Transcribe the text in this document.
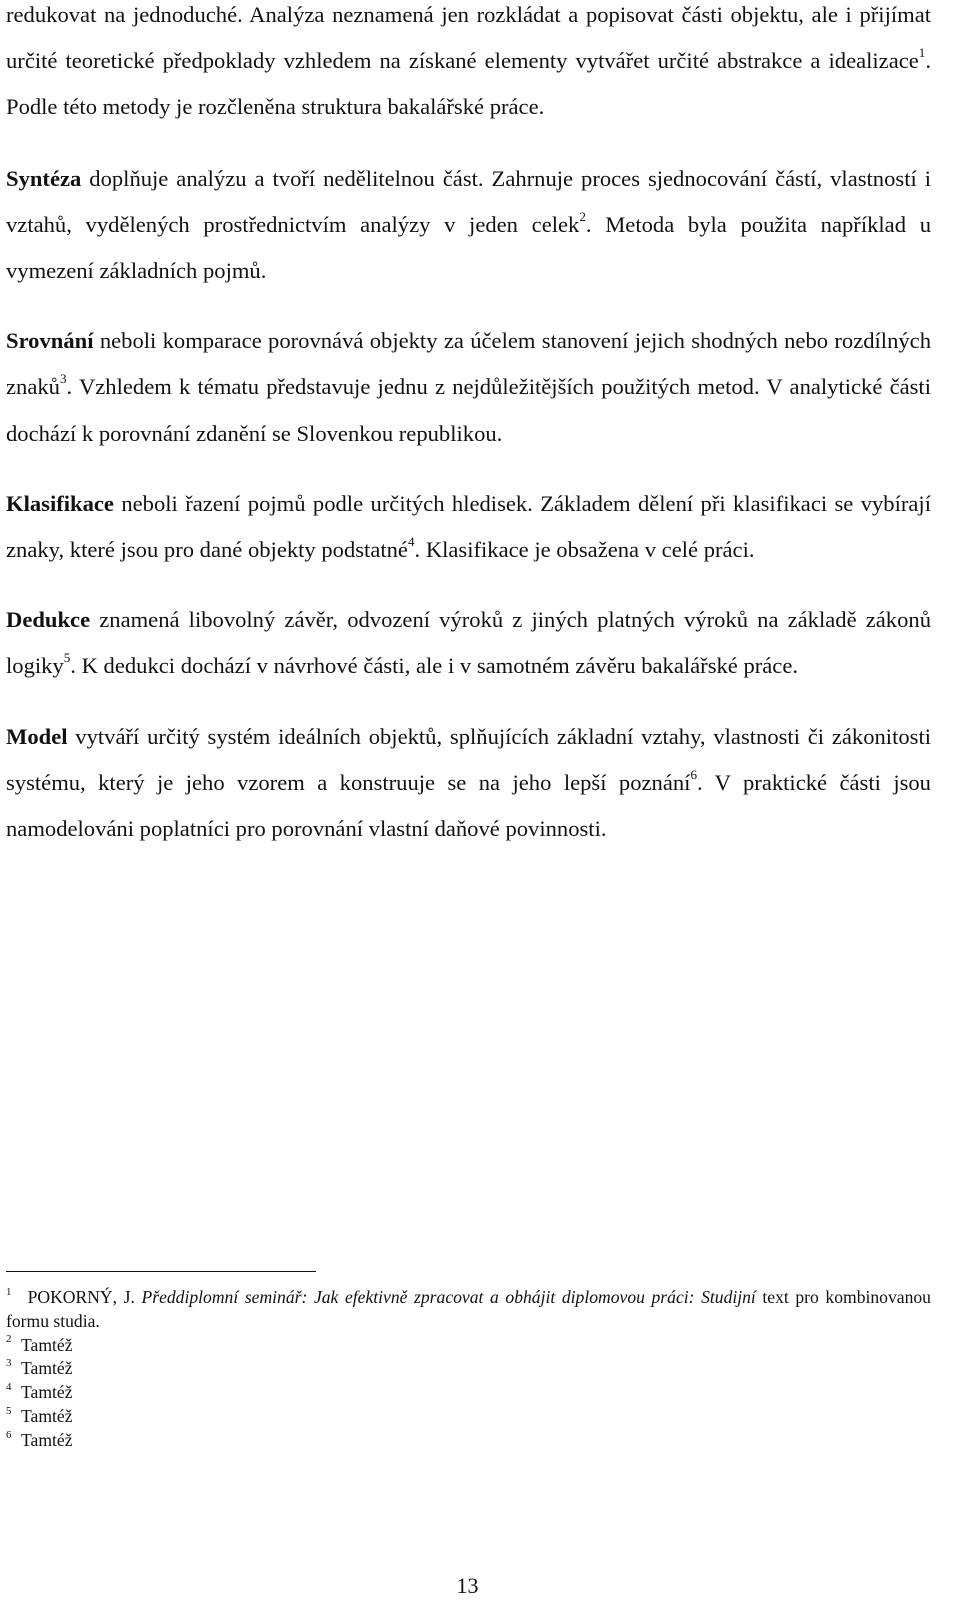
redukovat na jednoduché. Analýza neznamená jen rozkládat a popisovat části objektu, ale i přijímat určité teoretické předpoklady vzhledem na získané elementy vytvářet určité abstrakce a idealizace$^1$. Podle této metody je rozčleněna struktura bakalářské práce.

Syntéza doplňuje analýzu a tvoří nedělitelnou část. Zahrnuje proces sjednocování částí, vlastností i vztahů, vydělených prostřednictvím analýzy v jeden celek$^2$. Metoda byla použita například u vymezení základních pojmů.

Srovnání neboli komparace porovnává objekty za účelem stanovení jejich shodných nebo rozdílných znaků$^3$. Vzhledem k tématu představuje jednu z nejdůležitějších použitých metod. V analytické části dochází k porovnání zdanění se Slovenkou republikou.

Klasifikace neboli řazení pojmů podle určitých hledisek. Základem dělení při klasifikaci se vybírají znaky, které jsou pro dané objekty podstatné$^4$. Klasifikace je obsažena v celé práci.

Dedukce znamená libovolný závěr, odvození výroků z jiných platných výroků na základě zákonů logiky$^5$. K dedukci dochází v návrhové části, ale i v samotném závěru bakalářské práce.

Model vytváří určitý systém ideálních objektů, splňujících základní vztahy, vlastnosti či zákonitosti systému, který je jeho vzorem a konstruuje se na jeho lepší poznání$^6$. V praktické části jsou namodelováni poplatníci pro porovnání vlastní daňové povinnosti.

1 POKORNÝ, J. Předdiplomní seminář: Jak efektivně zpracovat a obhájit diplomovou práci: Studijní text pro kombinovanou formu studia.

2 Tamtéž

3 Tamtéž

4 Tamtéž

5 Tamtéž

6 Tamtéž

13
